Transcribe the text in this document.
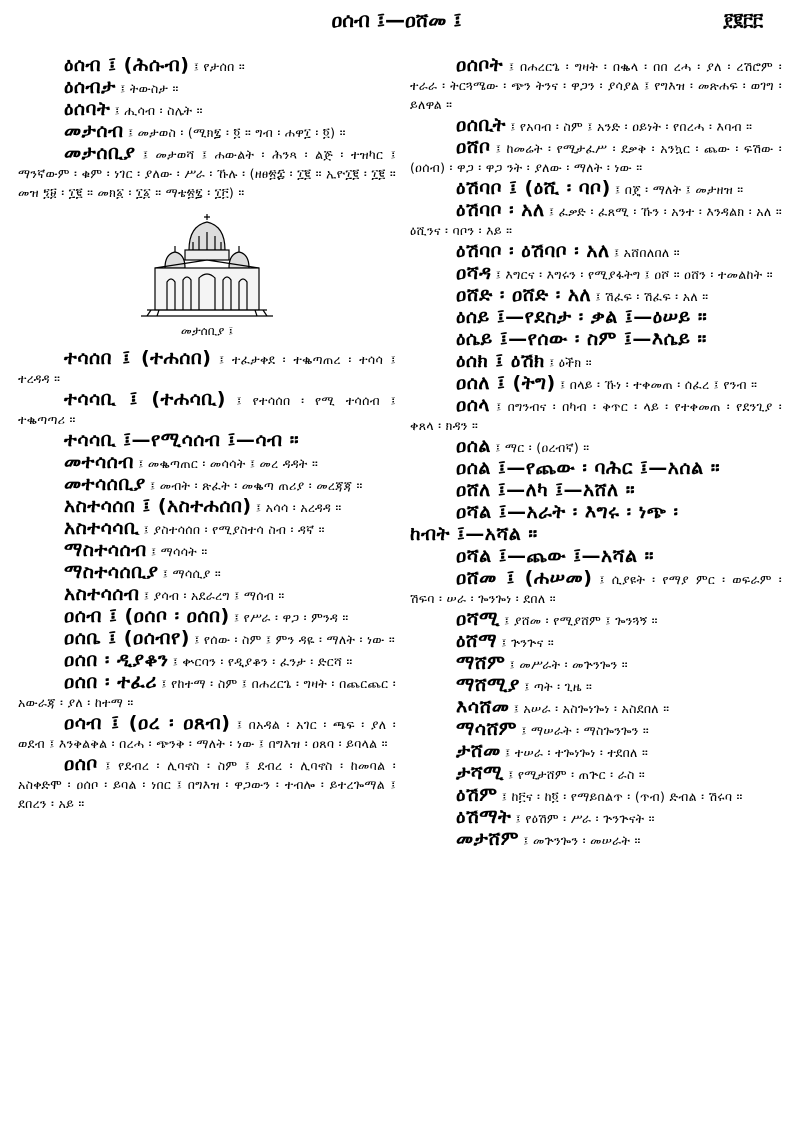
ዐሰብ ፤—ዐሸመ ፤	፻፪፫፫

ዕሰብ ፤ (ሕሱብ) ፤ የታሰበ ።

ዕሰብታ ፤ ትውስታ ።

ዕሰባት ፤ ሒሳብ ፡ ስሌት ።

መታሰብ ፤ መታወስ ፡ (ሚክ፯ ፡ ፬ ። ግብ ፡ ሐዋ፲ ፡ ፬) ።

መታሰቢያ ፤ መታወሻ ፤ ሐውልት ፡ ሕንጻ ፡ ልጅ ፡ ተዝካር ፤ ማንኛውም ፡ ቁም ፡ ነገር ፡ ያለው ፡ ሥራ ፡ ኹሉ ፡ (ዘፀ፳፰ ፡ ፲፪ ። ኢዮ፲፪ ፡ ፲፪ ። መዝ ፺፱ ፡ ፲፪ ። መክ፩ ፡ ፲፩ ። ማቴ፳፯ ፡ ፲፫) ።

መታሰቢያ ፤

ተሳሰበ ፤ (ተሐሰበ) ፤ ተፈታቀደ ፡ ተቈጣጠረ ፡ ተሳሳ ፤ ተረዳዳ ።

ተሳሳቢ ፤ (ተሐሳቢ) ፤ የተሳሰበ ፡ የሚ ተሳሰብ ፤ ተቈጣጣሪ ።

ተሳሳቢ ፤—የሚሳሰብ ፤—ሳብ ።

መተሳሰብ ፤ መቈጣጠር ፡ መሳሳት ፤ መረ ዳዳት ።

መተሳሰቢያ ፤ መብት ፡ ጽፈት ፡ መቈጣ ጠሪያ ፡ መረጃጃ ።

አስተሳሰበ ፤ (አስተሐሰበ) ፤ አሳሳ ፡ አረዳዳ ።

አስተሳሳቢ ፤ ያስተሳሰበ ፡ የሚያስተሳ ስብ ፡ ዳኛ ።

ማስተሳሰብ ፤ ማሳሳት ።

ማስተሳሰቢያ ፤ ማሳሲያ ።

አስተሳሰብ ፤ ያሳብ ፡ አደራረግ ፤ ማሰብ ።

ዐሰብ ፤ (ዐሰቦ ፡ ዐሰበ) ፤ የሥራ ፡ ዋጋ ፡ ምንዳ ።

ዐሰቤ ፤ (ዐሰብየ) ፤ የሰው ፡ ስም ፤ ምን ዳዬ ፡ ማለት ፡ ነው ።

ዐሰበ ፡ ዲያቆን ፤ ቍርባን ፡ የዲያቆን ፡ ፈንታ ፡ ድርሻ ።

ዐሰበ ፡ ተፈሪ ፤ የከተማ ፡ ስም ፤ በሐረርጌ ፡ ግዛት ፡ በጨርጨር ፡ አውራጃ ፡ ያለ ፡ ከተማ ።

ዐሳብ ፤ (ዐረ ፡ ዐጸብ) ፤ በአዳል ፡ አገር ፡ ጫፍ ፡ ያለ ፡ ወደብ ፤ እንቅልቅል ፡ በረሓ ፡ ጭንቅ ፡ ማለት ፡ ነው ፤ በግእዝ ፡ ዐጸባ ፡ ይባላል ።

ዐሰቦ ፤ የደብረ ፡ ሊባኖስ ፡ ስም ፤ ደብረ ፡ ሊባኖስ ፡ ከመባል ፡ አስቀድሞ ፡ ዐሰቦ ፡ ይባል ፡ ነበር ፤ በግእዝ ፡ ዋጋውን ፡ ተብሎ ፡ ይተረጐማል ፤ ደበረን ፡ አይ ።

ዐሰቦት ፤ በሐረርጌ ፡ ግዛት ፡ በቈላ ፡ በበ ረሓ ፡ ያለ ፡ ረሽሮም ፡ ተራራ ፡ ትርጓሜው ፡ ጭን ትንና ፡ ዋጋን ፡ ያሳያል ፤ የግእዝ ፡ መጽሐፍ ፡ ወገግ ፡ ይለዋል ።

ዐሰቢት ፤ የአባብ ፡ ስም ፤ አንድ ፡ ዐይነት ፡ የበረሓ ፡ እባብ ።

ዐሸቦ ፤ ከመሬት ፡ የሚታፈሥ ፡ ደቃቅ ፡ አንኳር ፡ ጨው ፡ ፍሽው ፡ (ዐሰብ) ፡ ዋጋ ፡ ዋጋ ንት ፡ ያለው ፡ ማለት ፡ ነው ።

ዕሽባቦ ፤ (ዕሺ ፡ ባቦ) ፤ በጄ ፡ ማለት ፤ መታዘዝ ።

ዕሽባቦ ፡ አለ ፤ ፈቃድ ፡ ፈጸሚ ፡ ኹን ፡ አንተ ፡ እንዳልክ ፡ አለ ። ዕሺንና ፡ ባቦን ፡ እይ ።

ዕሽባቦ ፡ ዕሽባቦ ፡ አለ ፤ አሸበለበለ ።

ዐሻዳ ፤ እግርና ፡ እግሩን ፡ የሚያፋትግ ፤ ዐሾ ። ዐሸን ፡ ተመልከት ።

ዐሸድ ፡ ዐሸድ ፡ አለ ፤ ሽፈፍ ፡ ሽፈፍ ፡ አለ ።

ዕሰይ ፤—የደስታ ፡ ቃል ፤—ዕሠይ ።

ዕሴይ ፤—የሰው ፡ ስም ፤—እሴይ ።

ዕሰክ ፤ ዕሽክ ፤ ዕችክ ።

ዐሰለ ፤ (ትግ) ፤ በላይ ፡ ኹነ ፡ ተቀመጠ ፡ ሰፈረ ፤ የንብ ።

ዐሰላ ፤ በግንብና ፡ በካብ ፡ ቅጥር ፡ ላይ ፡ የተቀመጠ ፡ የደንጊያ ፡ ቀጸላ ፡ ክዳን ።

ዐሰል ፤ ማር ፡ (ዐረብኛ) ።

ዐሰል ፤—የጨው ፡ ባሕር ፤—አሰል ።

ዐሸለ ፤—ለካ ፤—አሸለ ።

ዐሻል ፤—አራት ፡ እግሩ ፡ ነጭ ፡

ከብት ፤—አሻል ።

ዐሻል ፤—ጨው ፤—አሻል ።

ዐሸመ ፤ (ሐሠመ) ፤ ሲያዩት ፡ የማያ ምር ፡ ወፍራም ፡ ሽፍባ ፡ ሠራ ፡ ጐንጐነ ፡ ደበለ ።

ዐሻሚ ፤ ያሸመ ፡ የሚያሸም ፤ ጐንጓኝ ።

ዕሸማ ፤ ጕንጕና ።

ማሸም ፤ መሥራት ፡ መጕንጐን ።

ማሸሚያ ፤ ጣት ፡ ጊዜ ።

እሳሸመ ፤ አሠራ ፡ አስጐነጐነ ፡ አስደበለ ።

ማሳሸም ፤ ማሠራት ፡ ማስጐንጐን ።

ታሸመ ፤ ተሠራ ፡ ተጐነጐነ ፡ ተደበለ ።

ታሻሚ ፤ የሚታሸም ፡ ጠጕር ፡ ራስ ።

ዕሽም ፤ ከ፫ና ፡ ከ፬ ፡ የማይበልጥ ፡ (ጥብ) ድብል ፡ ሽሩባ ።

ዕሽማት ፤ የዕሽም ፡ ሥራ ፡ ጕንጕናት ።

መታሸም ፤ መጕንጐን ፡ መሠራት ።
